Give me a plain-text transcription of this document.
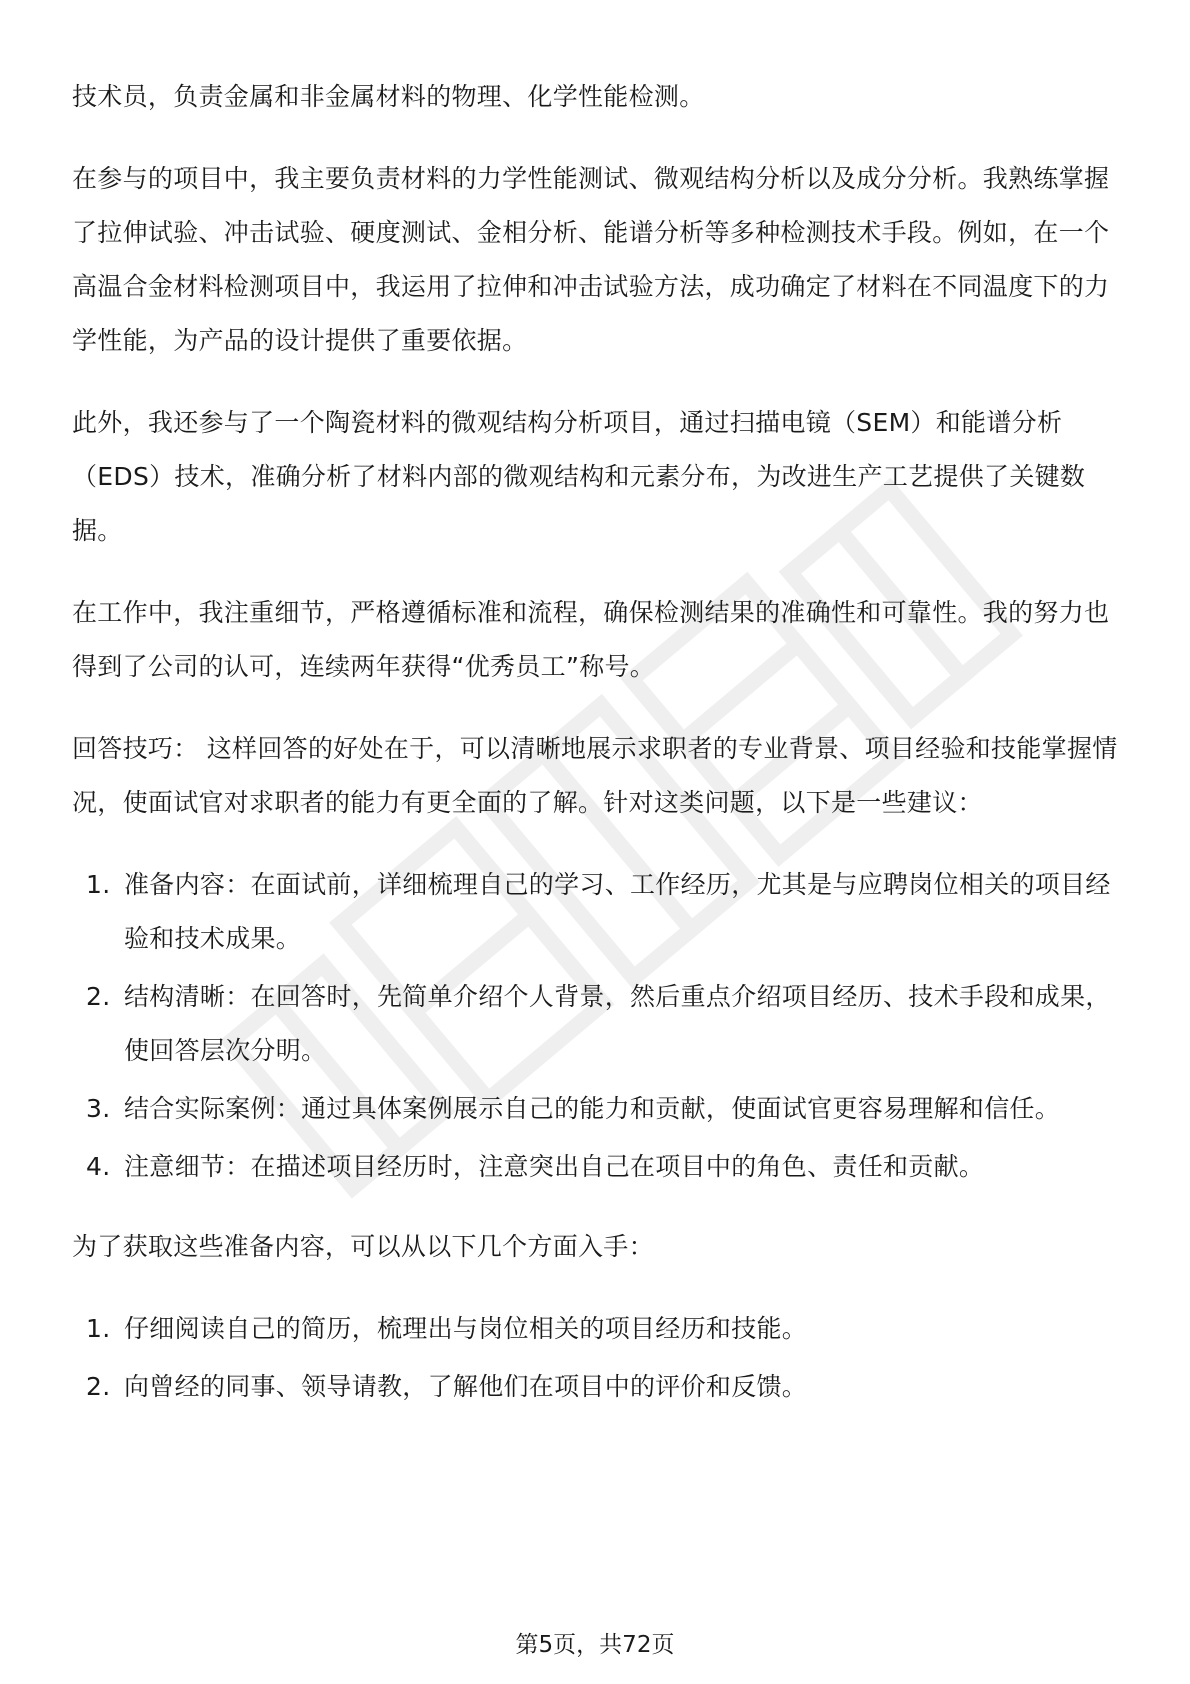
技术员，负责金属和非金属材料的物理、化学性能检测。

在参与的项目中，我主要负责材料的力学性能测试、微观结构分析以及成分分析。我熟练掌握了拉伸试验、冲击试验、硬度测试、金相分析、能谱分析等多种检测技术手段。例如，在一个高温合金材料检测项目中，我运用了拉伸和冲击试验方法，成功确定了材料在不同温度下的力学性能，为产品的设计提供了重要依据。

此外，我还参与了一个陶瓷材料的微观结构分析项目，通过扫描电镜（SEM）和能谱分析（EDS）技术，准确分析了材料内部的微观结构和元素分布，为改进生产工艺提供了关键数据。

在工作中，我注重细节，严格遵循标准和流程，确保检测结果的准确性和可靠性。我的努力也得到了公司的认可，连续两年获得“优秀员工”称号。

回答技巧： 这样回答的好处在于，可以清晰地展示求职者的专业背景、项目经验和技能掌握情况，使面试官对求职者的能力有更全面的了解。针对这类问题，以下是一些建议：

1. 准备内容：在面试前，详细梳理自己的学习、工作经历，尤其是与应聘岗位相关的项目经验和技术成果。
2. 结构清晰：在回答时，先简单介绍个人背景，然后重点介绍项目经历、技术手段和成果，使回答层次分明。
3. 结合实际案例：通过具体案例展示自己的能力和贡献，使面试官更容易理解和信任。
4. 注意细节：在描述项目经历时，注意突出自己在项目中的角色、责任和贡献。

为了获取这些准备内容，可以从以下几个方面入手：

1. 仔细阅读自己的简历，梳理出与岗位相关的项目经历和技能。
2. 向曾经的同事、领导请教，了解他们在项目中的评价和反馈。
第5页，共72页
